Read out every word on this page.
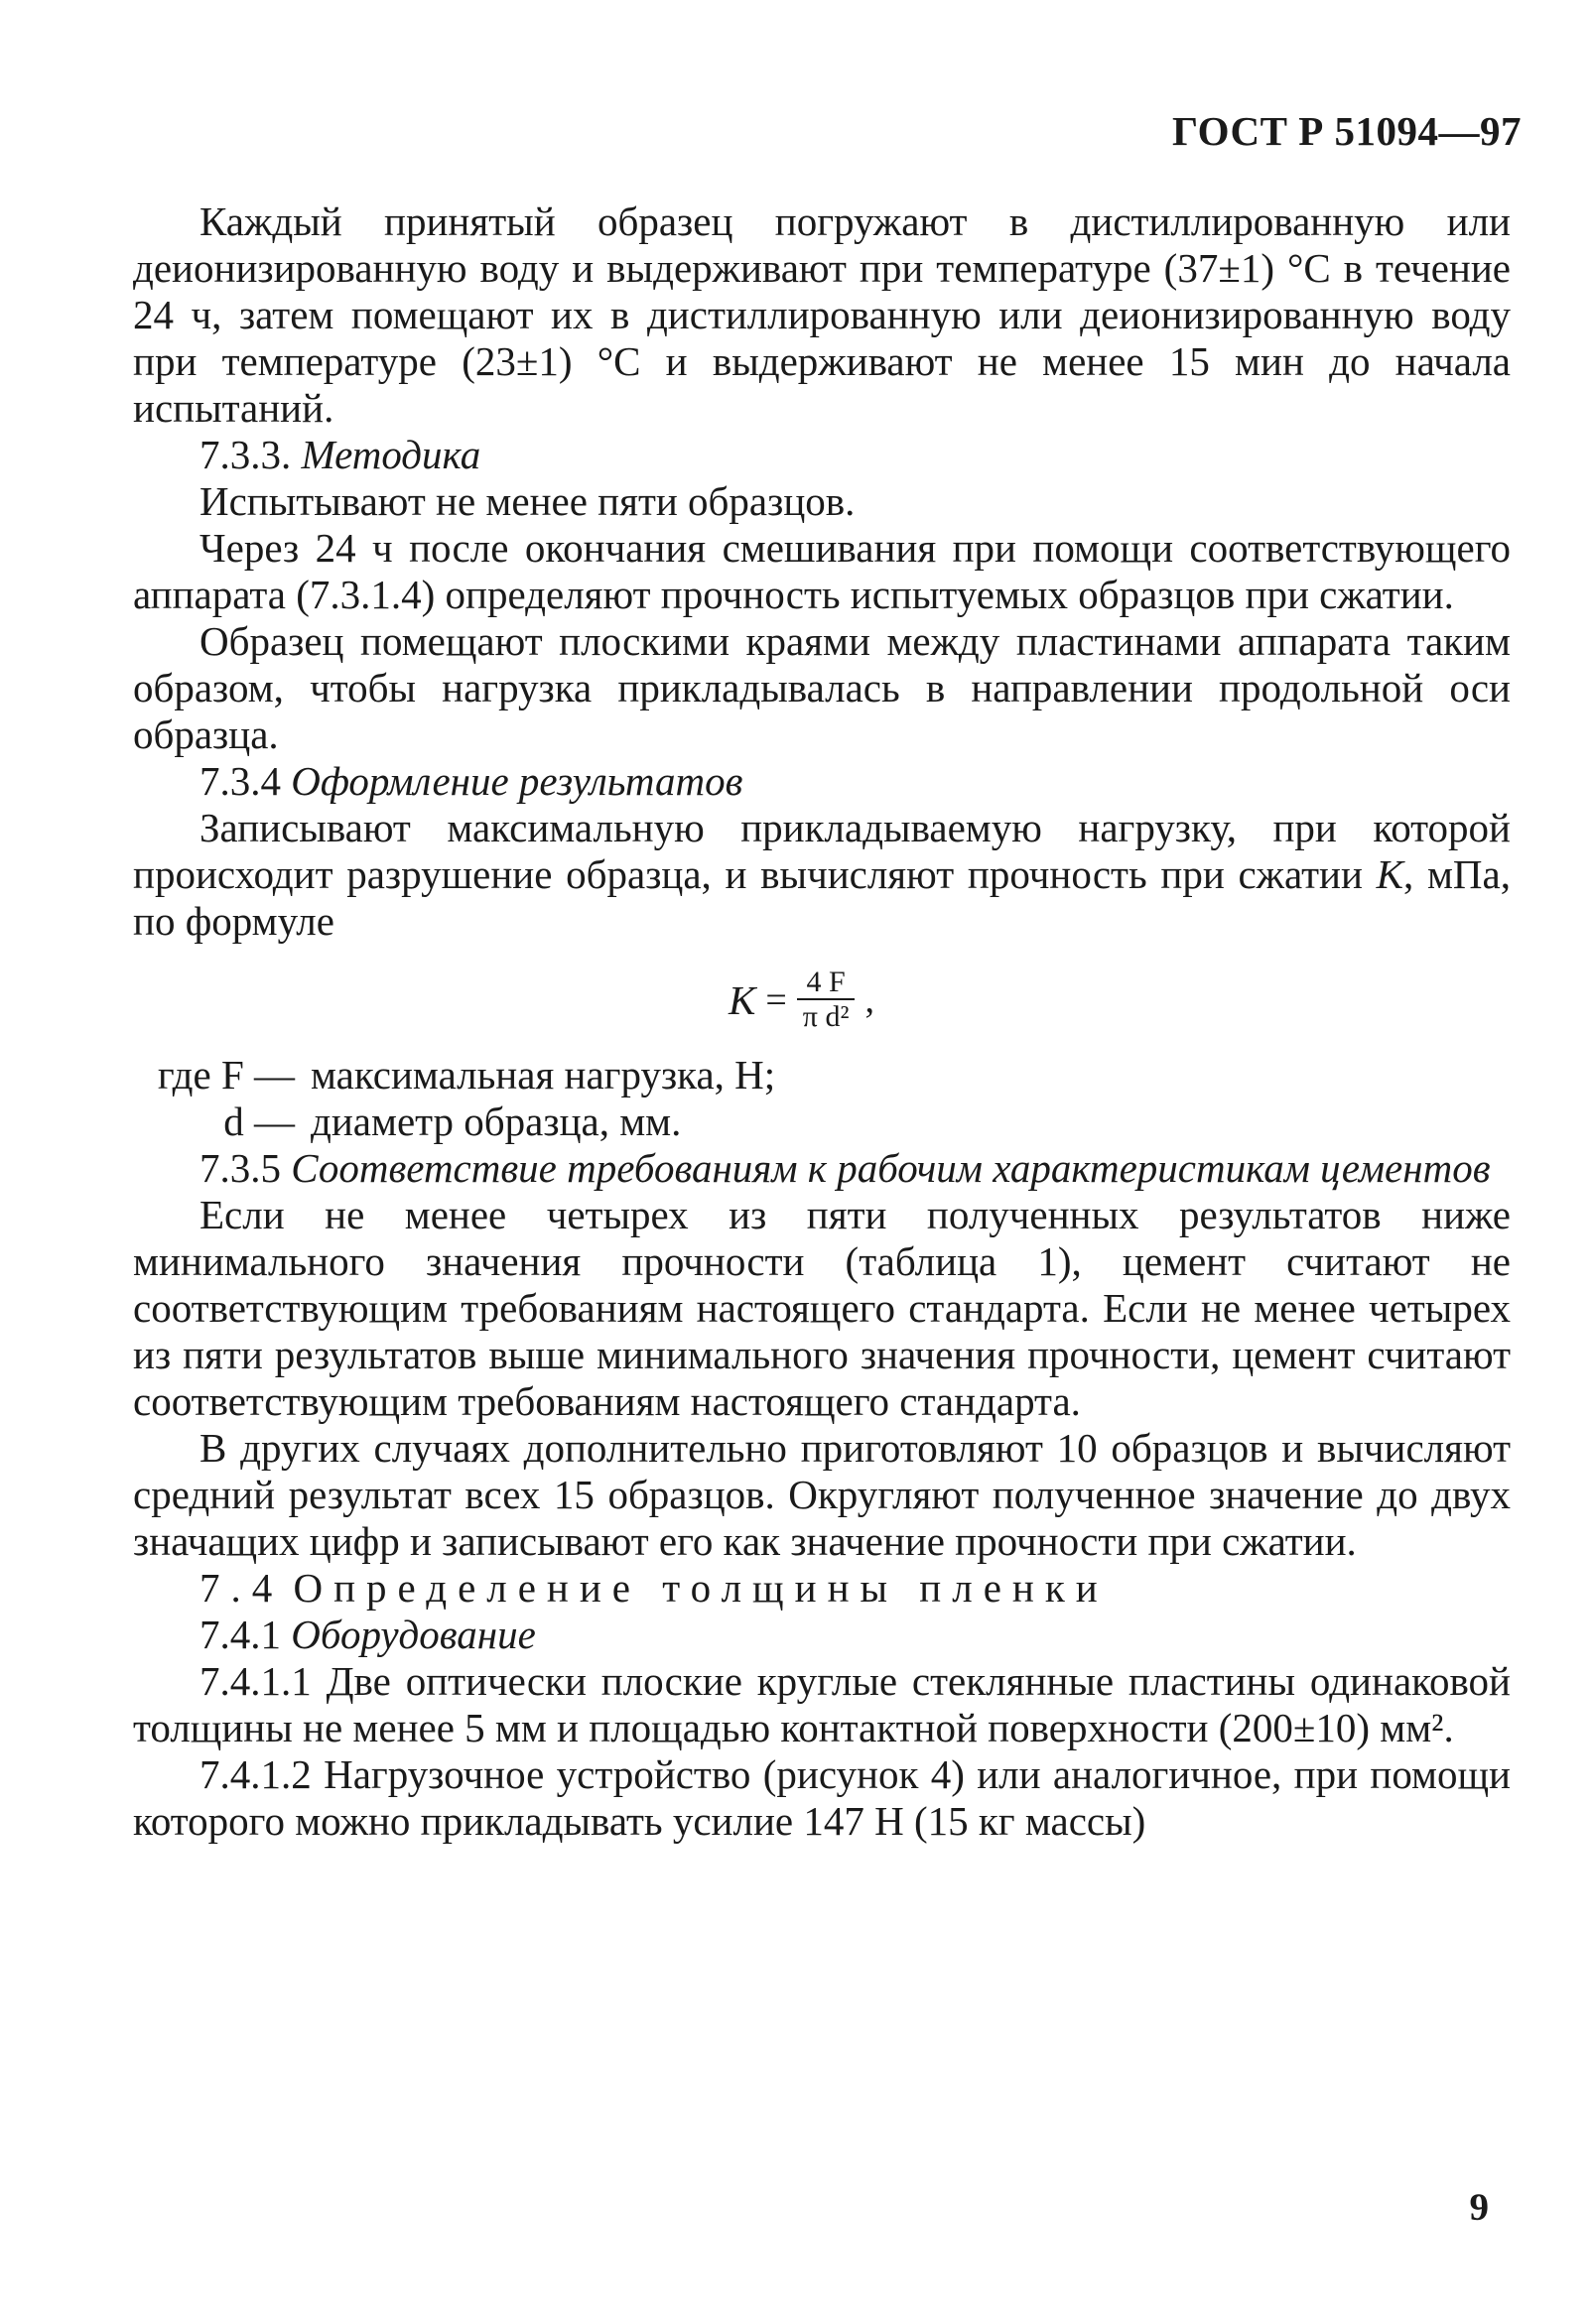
ГОСТ Р 51094—97

Каждый принятый образец погружают в дистиллированную или деионизированную воду и выдерживают при температуре (37±1) °С в течение 24 ч, затем помещают их в дистиллированную или деионизированную воду при температуре (23±1) °С и выдерживают не менее 15 мин до начала испытаний.

7.3.3. Методика

Испытывают не менее пяти образцов.

Через 24 ч после окончания смешивания при помощи соответствующего аппарата (7.3.1.4) определяют прочность испытуемых образцов при сжатии.

Образец помещают плоскими краями между пластинами аппарата таким образом, чтобы нагрузка прикладывалась в направлении продольной оси образца.

7.3.4 Оформление результатов

Записывают максимальную прикладываемую нагрузку, при которой происходит разрушение образца, и вычисляют прочность при сжатии K, мПа, по формуле

$K = \frac{4 F}{\text{π d²}}$ ,
где F — максимальная нагрузка, Н;
d — диаметр образца, мм.

7.3.5 Соответствие требованиям к рабочим характеристикам цементов

Если не менее четырех из пяти полученных результатов ниже минимального значения прочности (таблица 1), цемент считают не соответствующим требованиям настоящего стандарта. Если не менее четырех из пяти результатов выше минимального значения прочности, цемент считают соответствующим требованиям настоящего стандарта.

В других случаях дополнительно приготовляют 10 образцов и вычисляют средний результат всех 15 образцов. Округляют полученное значение до двух значащих цифр и записывают его как значение прочности при сжатии.

7.4 Определение толщины пленки

7.4.1 Оборудование

7.4.1.1 Две оптически плоские круглые стеклянные пластины одинаковой толщины не менее 5 мм и площадью контактной поверхности (200±10) мм².

7.4.1.2 Нагрузочное устройство (рисунок 4) или аналогичное, при помощи которого можно прикладывать усилие 147 Н (15 кг массы)

9
